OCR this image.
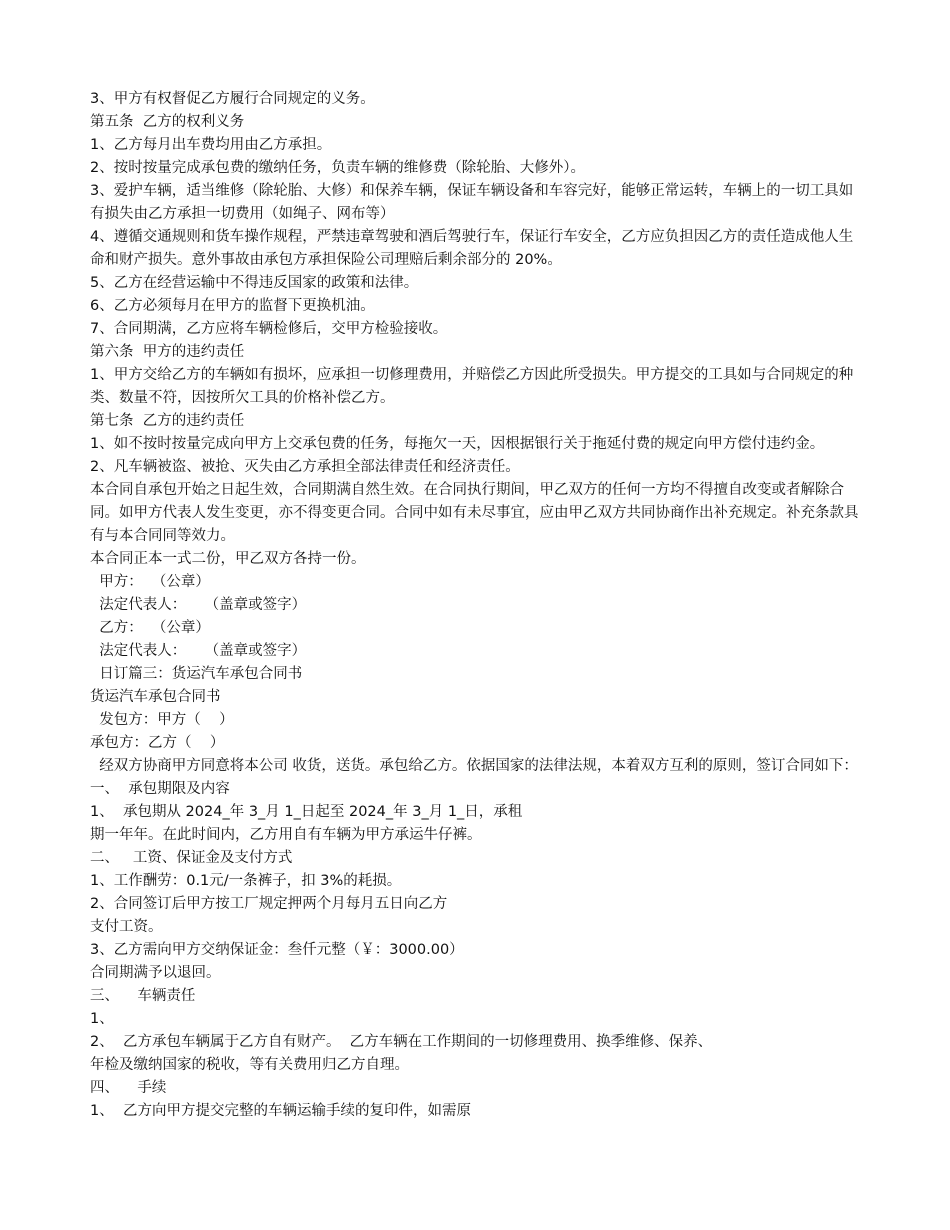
3、甲方有权督促乙方履行合同规定的义务。
第五条  乙方的权利义务
1、乙方每月出车费均用由乙方承担。
2、按时按量完成承包费的缴纳任务，负责车辆的维修费（除轮胎、大修外）。
3、爱护车辆，适当维修（除轮胎、大修）和保养车辆，保证车辆设备和车容完好，能够正常运转，车辆上的一切工具如有损失由乙方承担一切费用（如绳子、网布等）
4、遵循交通规则和货车操作规程，严禁违章驾驶和酒后驾驶行车，保证行车安全，乙方应负担因乙方的责任造成他人生命和财产损失。意外事故由承包方承担保险公司理赔后剩余部分的 20%。
5、乙方在经营运输中不得违反国家的政策和法律。
6、乙方必须每月在甲方的监督下更换机油。
7、合同期满，乙方应将车辆检修后，交甲方检验接收。
第六条  甲方的违约责任
1、甲方交给乙方的车辆如有损坏，应承担一切修理费用，并赔偿乙方因此所受损失。甲方提交的工具如与合同规定的种类、数量不符，因按所欠工具的价格补偿乙方。
第七条  乙方的违约责任
1、如不按时按量完成向甲方上交承包费的任务，每拖欠一天，因根据银行关于拖延付费的规定向甲方偿付违约金。
2、凡车辆被盗、被抢、灭失由乙方承担全部法律责任和经济责任。
本合同自承包开始之日起生效，合同期满自然生效。在合同执行期间，甲乙双方的任何一方均不得擅自改变或者解除合同。如甲方代表人发生变更，亦不得变更合同。合同中如有未尽事宜，应由甲乙双方共同协商作出补充规定。补充条款具有与本合同同等效力。
本合同正本一式二份，甲乙双方各持一份。
甲方：  （公章）
法定代表人：    （盖章或签字）
乙方：  （公章）
法定代表人：    （盖章或签字）
日订篇三：货运汽车承包合同书
货运汽车承包合同书
发包方：甲方（    ）
承包方：乙方（    ）
经双方协商甲方同意将本公司 收货，送货。承包给乙方。依据国家的法律法规，本着双方互利的原则，签订合同如下：
一、  承包期限及内容
1、  承包期从 2024_年 3_月 1_日起至 2024_年 3_月 1_日，承租
期一年年。在此时间内，乙方用自有车辆为甲方承运牛仔裤。
二、   工资、保证金及支付方式
1、工作酬劳：0.1元/一条裤子，扣 3%的耗损。
2、合同签订后甲方按工厂规定押两个月每月五日向乙方
支付工资。
3、乙方需向甲方交纳保证金：叁仟元整（￥：3000.00）
合同期满予以退回。
三、    车辆责任
1、
2、  乙方承包车辆属于乙方自有财产。  乙方车辆在工作期间的一切修理费用、换季维修、保养、
年检及缴纳国家的税收，等有关费用归乙方自理。
四、    手续
1、  乙方向甲方提交完整的车辆运输手续的复印件，如需原
